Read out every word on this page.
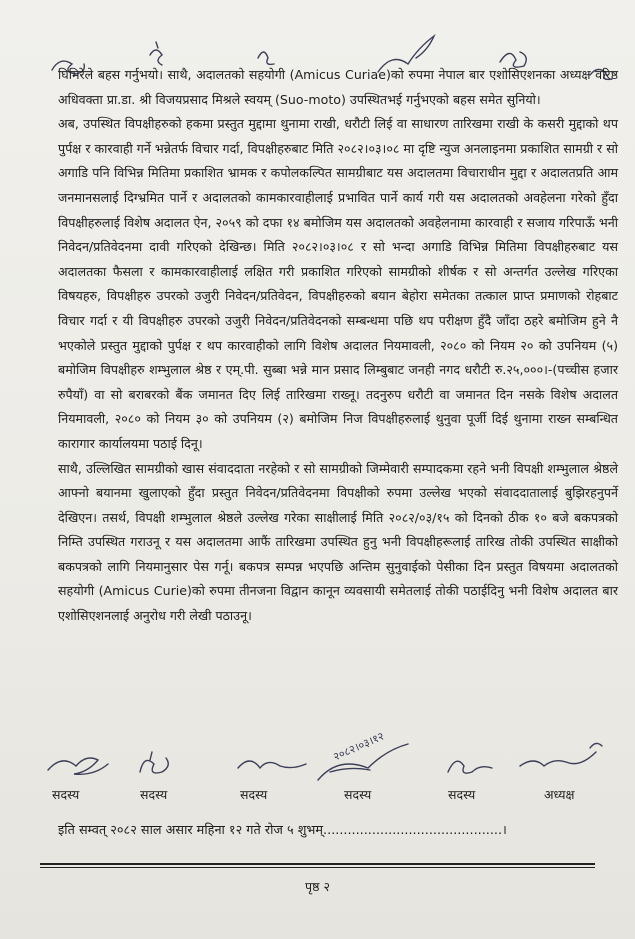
घिमिरेले बहस गर्नुभयो। साथै, अदालतको सहयोगी (Amicus Curiae)को रुपमा नेपाल बार एशोसिएशनका अध्यक्ष वरिष्ठ अधिवक्ता प्रा.डा. श्री विजयप्रसाद मिश्रले स्वयम् (Suo-moto) उपस्थितभई गर्नुभएको बहस समेत सुनियो।

अब, उपस्थित विपक्षीहरुको हकमा प्रस्तुत मुद्दामा थुनामा राखी, धरौटी लिई वा साधारण तारिखमा राखी के कसरी मुद्दाको थप पुर्पक्ष र कारवाही गर्ने भन्नेतर्फ विचार गर्दा, विपक्षीहरुबाट मिति २०८२।०३।०८ मा दृष्टि न्युज अनलाइनमा प्रकाशित सामग्री र सो अगाडि पनि विभिन्न मितिमा प्रकाशित भ्रामक र कपोलकल्पित सामग्रीबाट यस अदालतमा विचाराधीन मुद्दा र अदालतप्रति आम जनमानसलाई दिग्भ्रमित पार्ने र अदालतको कामकारवाहीलाई प्रभावित पार्ने कार्य गरी यस अदालतको अवहेलना गरेको हुँदा विपक्षीहरुलाई विशेष अदालत ऐन, २०५९ को दफा १४ बमोजिम यस अदालतको अवहेलनामा कारवाही र सजाय गरिपाऊँ भनी निवेदन/प्रतिवेदनमा दावी गरिएको देखिन्छ। मिति २०८२।०३।०८ र सो भन्दा अगाडि विभिन्न मितिमा विपक्षीहरुबाट यस अदालतका फैसला र कामकारवाहीलाई लक्षित गरी प्रकाशित गरिएको सामग्रीको शीर्षक र सो अन्तर्गत उल्लेख गरिएका विषयहरु, विपक्षीहरु उपरको उजुरी निवेदन/प्रतिवेदन, विपक्षीहरुको बयान बेहोरा समेतका तत्काल प्राप्त प्रमाणको रोहबाट विचार गर्दा र यी विपक्षीहरु उपरको उजुरी निवेदन/प्रतिवेदनको सम्बन्धमा पछि थप परीक्षण हुँदै जाँदा ठहरे बमोजिम हुने नै भएकोले प्रस्तुत मुद्दाको पुर्पक्ष र थप कारवाहीको लागि विशेष अदालत नियमावली, २०८० को नियम २० को उपनियम (५) बमोजिम विपक्षीहरु शम्भुलाल श्रेष्ठ र एम्.पी. सुब्बा भन्ने मान प्रसाद लिम्बुबाट जनही नगद धरौटी रु.२५,०००।-(पच्चीस हजार रुपैयाँ) वा सो बराबरको बैंक जमानत दिए लिई तारिखमा राख्नू। तदनुरुप धरौटी वा जमानत दिन नसके विशेष अदालत नियमावली, २०८० को नियम ३० को उपनियम (२) बमोजिम निज विपक्षीहरुलाई थुनुवा पूर्जी दिई थुनामा राख्न सम्बन्धित कारागार कार्यालयमा पठाई दिनू।

साथै, उल्लिखित सामग्रीको खास संवाददाता नरहेको र सो सामग्रीको जिम्मेवारी सम्पादकमा रहने भनी विपक्षी शम्भुलाल श्रेष्ठले आफ्नो बयानमा खुलाएको हुँदा प्रस्तुत निवेदन/प्रतिवेदनमा विपक्षीको रुपमा उल्लेख भएको संवाददातालाई बुझिरहनुपर्ने देखिएन। तसर्थ, विपक्षी शम्भुलाल श्रेष्ठले उल्लेख गरेका साक्षीलाई मिति २०८२/०३/१५ को दिनको ठीक १० बजे बकपत्रको निम्ति उपस्थित गराउनू र यस अदालतमा आफैं तारिखमा उपस्थित हुनु भनी विपक्षीहरूलाई तारिख तोकी उपस्थित साक्षीको बकपत्रको लागि नियमानुसार पेस गर्नू। बकपत्र सम्पन्न भएपछि अन्तिम सुनुवाईको पेसीका दिन प्रस्तुत विषयमा अदालतको सहयोगी (Amicus Curie)को रुपमा तीनजना विद्वान कानून व्यवसायी समेतलाई तोकी पठाईदिनु भनी विशेष अदालत बार एशोसिएशनलाई अनुरोध गरी लेखी पठाउनू।

२०८२।०३।१२
सदस्य	सदस्य	सदस्य	सदस्य	सदस्य	अध्यक्ष
इति सम्वत् २०८२ साल असार महिना १२ गते रोज ५ शुभम्............................................।
पृष्ठ २
